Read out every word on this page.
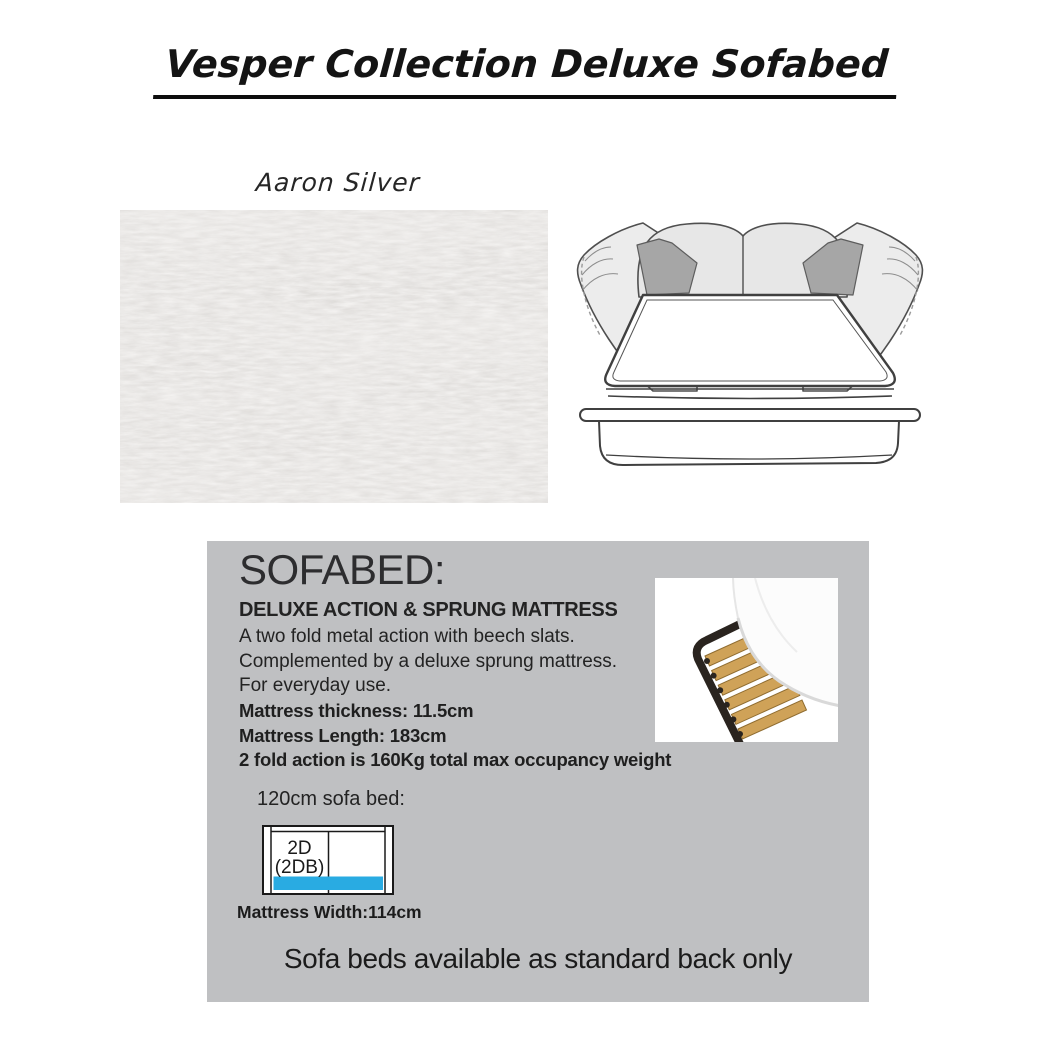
Vesper Collection Deluxe Sofabed
Aaron Silver
SOFABED:
DELUXE ACTION & SPRUNG MATTRESS
A two fold metal action with beech slats.
Complemented by a deluxe sprung mattress.
For everyday use.
Mattress thickness: 11.5cm
Mattress Length: 183cm
2 fold action is 160Kg total max occupancy weight
120cm sofa bed:
2D
(2DB)
Mattress Width:114cm
Sofa beds available as standard back only
